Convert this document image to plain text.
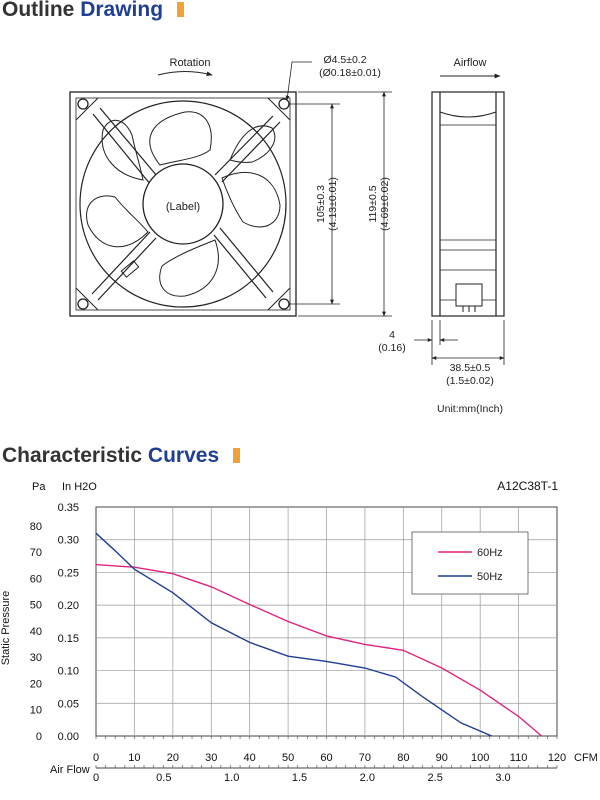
Outline Drawing
(Label)
Rotation	Ø4.5±0.2
(Ø0.18±0.01)
105±0.3 (4.13±0.01)	119±0.5 (4.69±0.02)
Airflow
4
(0.16)
38.5±0.5
(1.5±0.02)
Unit:mm(Inch)
Characteristic Curves
0	10 20 30 40 50 60 70 80 90 100 110 120
0	0.5	1.0	1.5	2.0	2.5	3.0
0.00
0.05
0.10
0.15
0.20
0.25
0.30
0.35
0
10
20
30
40
50
60
70
80
Pa In H2O	A12C38T-1
Static Pressure
CFM
Air Flow
60Hz
50Hz
